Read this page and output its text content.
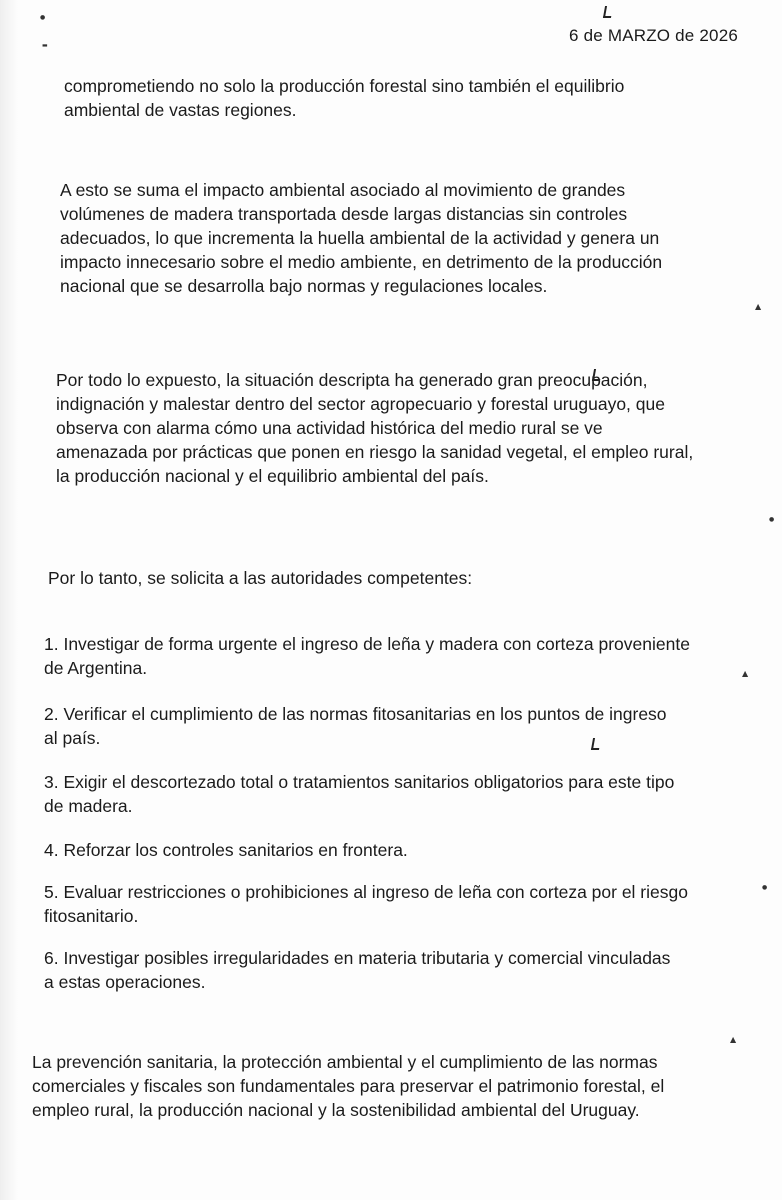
6 de MARZO de 2026

comprometiendo no solo la producción forestal sino también el equilibrio
ambiental de vastas regiones.

A esto se suma el impacto ambiental asociado al movimiento de grandes
volúmenes de madera transportada desde largas distancias sin controles
adecuados, lo que incrementa la huella ambiental de la actividad y genera un
impacto innecesario sobre el medio ambiente, en detrimento de la producción
nacional que se desarrolla bajo normas y regulaciones locales.

Por todo lo expuesto, la situación descripta ha generado gran preocupación,
indignación y malestar dentro del sector agropecuario y forestal uruguayo, que
observa con alarma cómo una actividad histórica del medio rural se ve
amenazada por prácticas que ponen en riesgo la sanidad vegetal, el empleo rural,
la producción nacional y el equilibrio ambiental del país.

Por lo tanto, se solicita a las autoridades competentes:

1. Investigar de forma urgente el ingreso de leña y madera con corteza proveniente
de Argentina.
2. Verificar el cumplimiento de las normas fitosanitarias en los puntos de ingreso
al país.
3. Exigir el descortezado total o tratamientos sanitarios obligatorios para este tipo
de madera.
4. Reforzar los controles sanitarios en frontera.
5. Evaluar restricciones o prohibiciones al ingreso de leña con corteza por el riesgo
fitosanitario.
6. Investigar posibles irregularidades en materia tributaria y comercial vinculadas
a estas operaciones.

La prevención sanitaria, la protección ambiental y el cumplimiento de las normas
comerciales y fiscales son fundamentales para preservar el patrimonio forestal, el
empleo rural, la producción nacional y la sostenibilidad ambiental del Uruguay.

▲
▲
▲
●
▬
●
●
